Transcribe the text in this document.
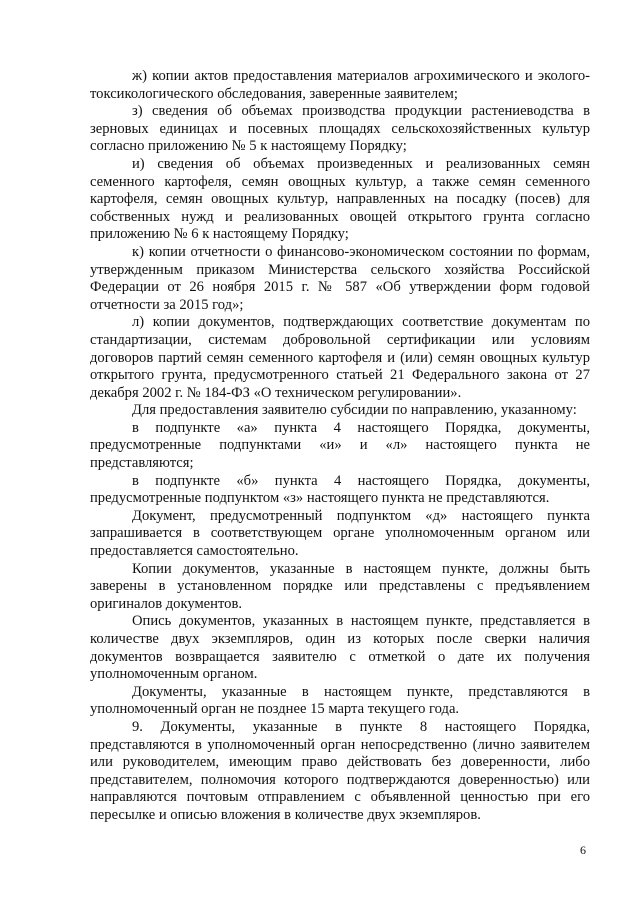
ж) копии актов предоставления материалов агрохимического и эколого-токсикологического обследования, заверенные заявителем;

з) сведения об объемах производства продукции растениеводства в зерновых единицах и посевных площадях сельскохозяйственных культур согласно приложению № 5 к настоящему Порядку;

и) сведения об объемах произведенных и реализованных семян семенного картофеля, семян овощных культур, а также семян семенного картофеля, семян овощных культур, направленных на посадку (посев) для собственных нужд и реализованных овощей открытого грунта согласно приложению № 6 к настоящему Порядку;

к) копии отчетности о финансово-экономическом состоянии по формам, утвержденным приказом Министерства сельского хозяйства Российской Федерации от 26 ноября 2015 г. № 587 «Об утверждении форм годовой отчетности за 2015 год»;

л) копии документов, подтверждающих соответствие документам по стандартизации, системам добровольной сертификации или условиям договоров партий семян семенного картофеля и (или) семян овощных культур открытого грунта, предусмотренного статьей 21 Федерального закона от 27 декабря 2002 г. № 184-ФЗ «О техническом регулировании».

Для предоставления заявителю субсидии по направлению, указанному:

в подпункте «а» пункта 4 настоящего Порядка, документы, предусмотренные подпунктами «и» и «л» настоящего пункта не представляются;

в подпункте «б» пункта 4 настоящего Порядка, документы, предусмотренные подпунктом «з» настоящего пункта не представляются.

Документ, предусмотренный подпунктом «д» настоящего пункта запрашивается в соответствующем органе уполномоченным органом или предоставляется самостоятельно.

Копии документов, указанные в настоящем пункте, должны быть заверены в установленном порядке или представлены с предъявлением оригиналов документов.

Опись документов, указанных в настоящем пункте, представляется в количестве двух экземпляров, один из которых после сверки наличия документов возвращается заявителю с отметкой о дате их получения уполномоченным органом.

Документы, указанные в настоящем пункте, представляются в уполномоченный орган не позднее 15 марта текущего года.

9. Документы, указанные в пункте 8 настоящего Порядка, представляются в уполномоченный орган непосредственно (лично заявителем или руководителем, имеющим право действовать без доверенности, либо представителем, полномочия которого подтверждаются доверенностью) или направляются почтовым отправлением с объявленной ценностью при его пересылке и описью вложения в количестве двух экземпляров.

6
